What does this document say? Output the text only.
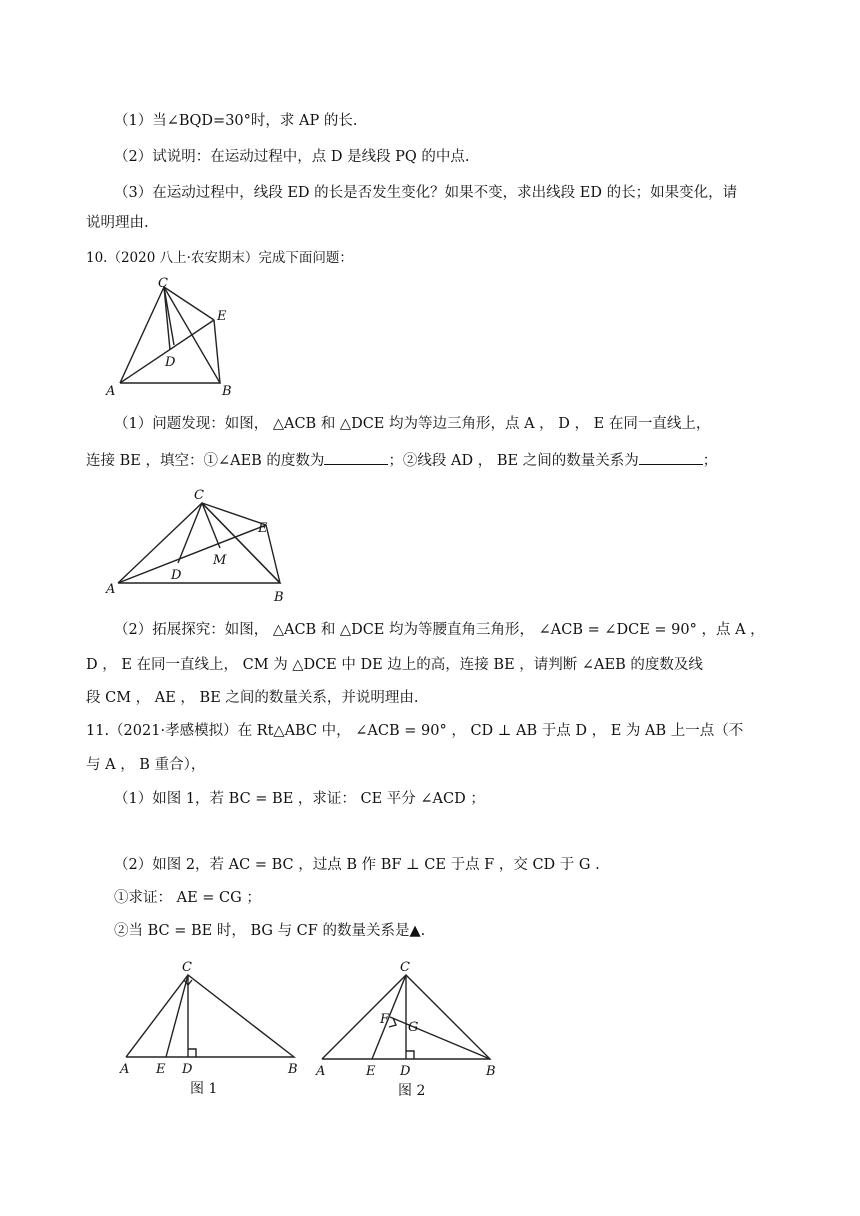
（1）当∠BQD=30°时，求 AP 的长.
（2）试说明：在运动过程中，点 D 是线段 PQ 的中点.
（3）在运动过程中，线段 ED 的长是否发生变化？如果不变，求出线段 ED 的长；如果变化，请
说明理由.
10.（2020 八上·农安期末）完成下面问题：
C
E
D
A	B
（1）问题发现：如图， △ACB 和 △DCE 均为等边三角形，点 A ， D ， E 在同一直线上，
连接 BE ，填空：①∠AEB 的度数为	；②线段 AD ， BE 之间的数量关系为	；
C
E
M
D
A
B
（2）拓展探究：如图， △ACB 和 △DCE 均为等腰直角三角形， ∠ACB = ∠DCE = 90° ，点 A ，
D ， E 在同一直线上， CM 为 △DCE 中 DE 边上的高，连接 BE ，请判断 ∠AEB 的度数及线
段 CM ， AE ， BE 之间的数量关系，并说明理由.
11.（2021·孝感模拟）在 Rt△ABC 中， ∠ACB = 90° ， CD ⊥ AB 于点 D ， E 为 AB 上一点（不
与 A ， B 重合），
（1）如图 1，若 BC = BE ，求证： CE 平分 ∠ACD ；
（2）如图 2，若 AC = BC ，过点 B 作 BF ⊥ CE 于点 F ，交 CD 于 G .
①求证： AE = CG ；
②当 BC = BE 时， BG 与 CF 的数量关系是▲.
C
A E D	B
图 1
C
F
G
A	E D	B
图 2
